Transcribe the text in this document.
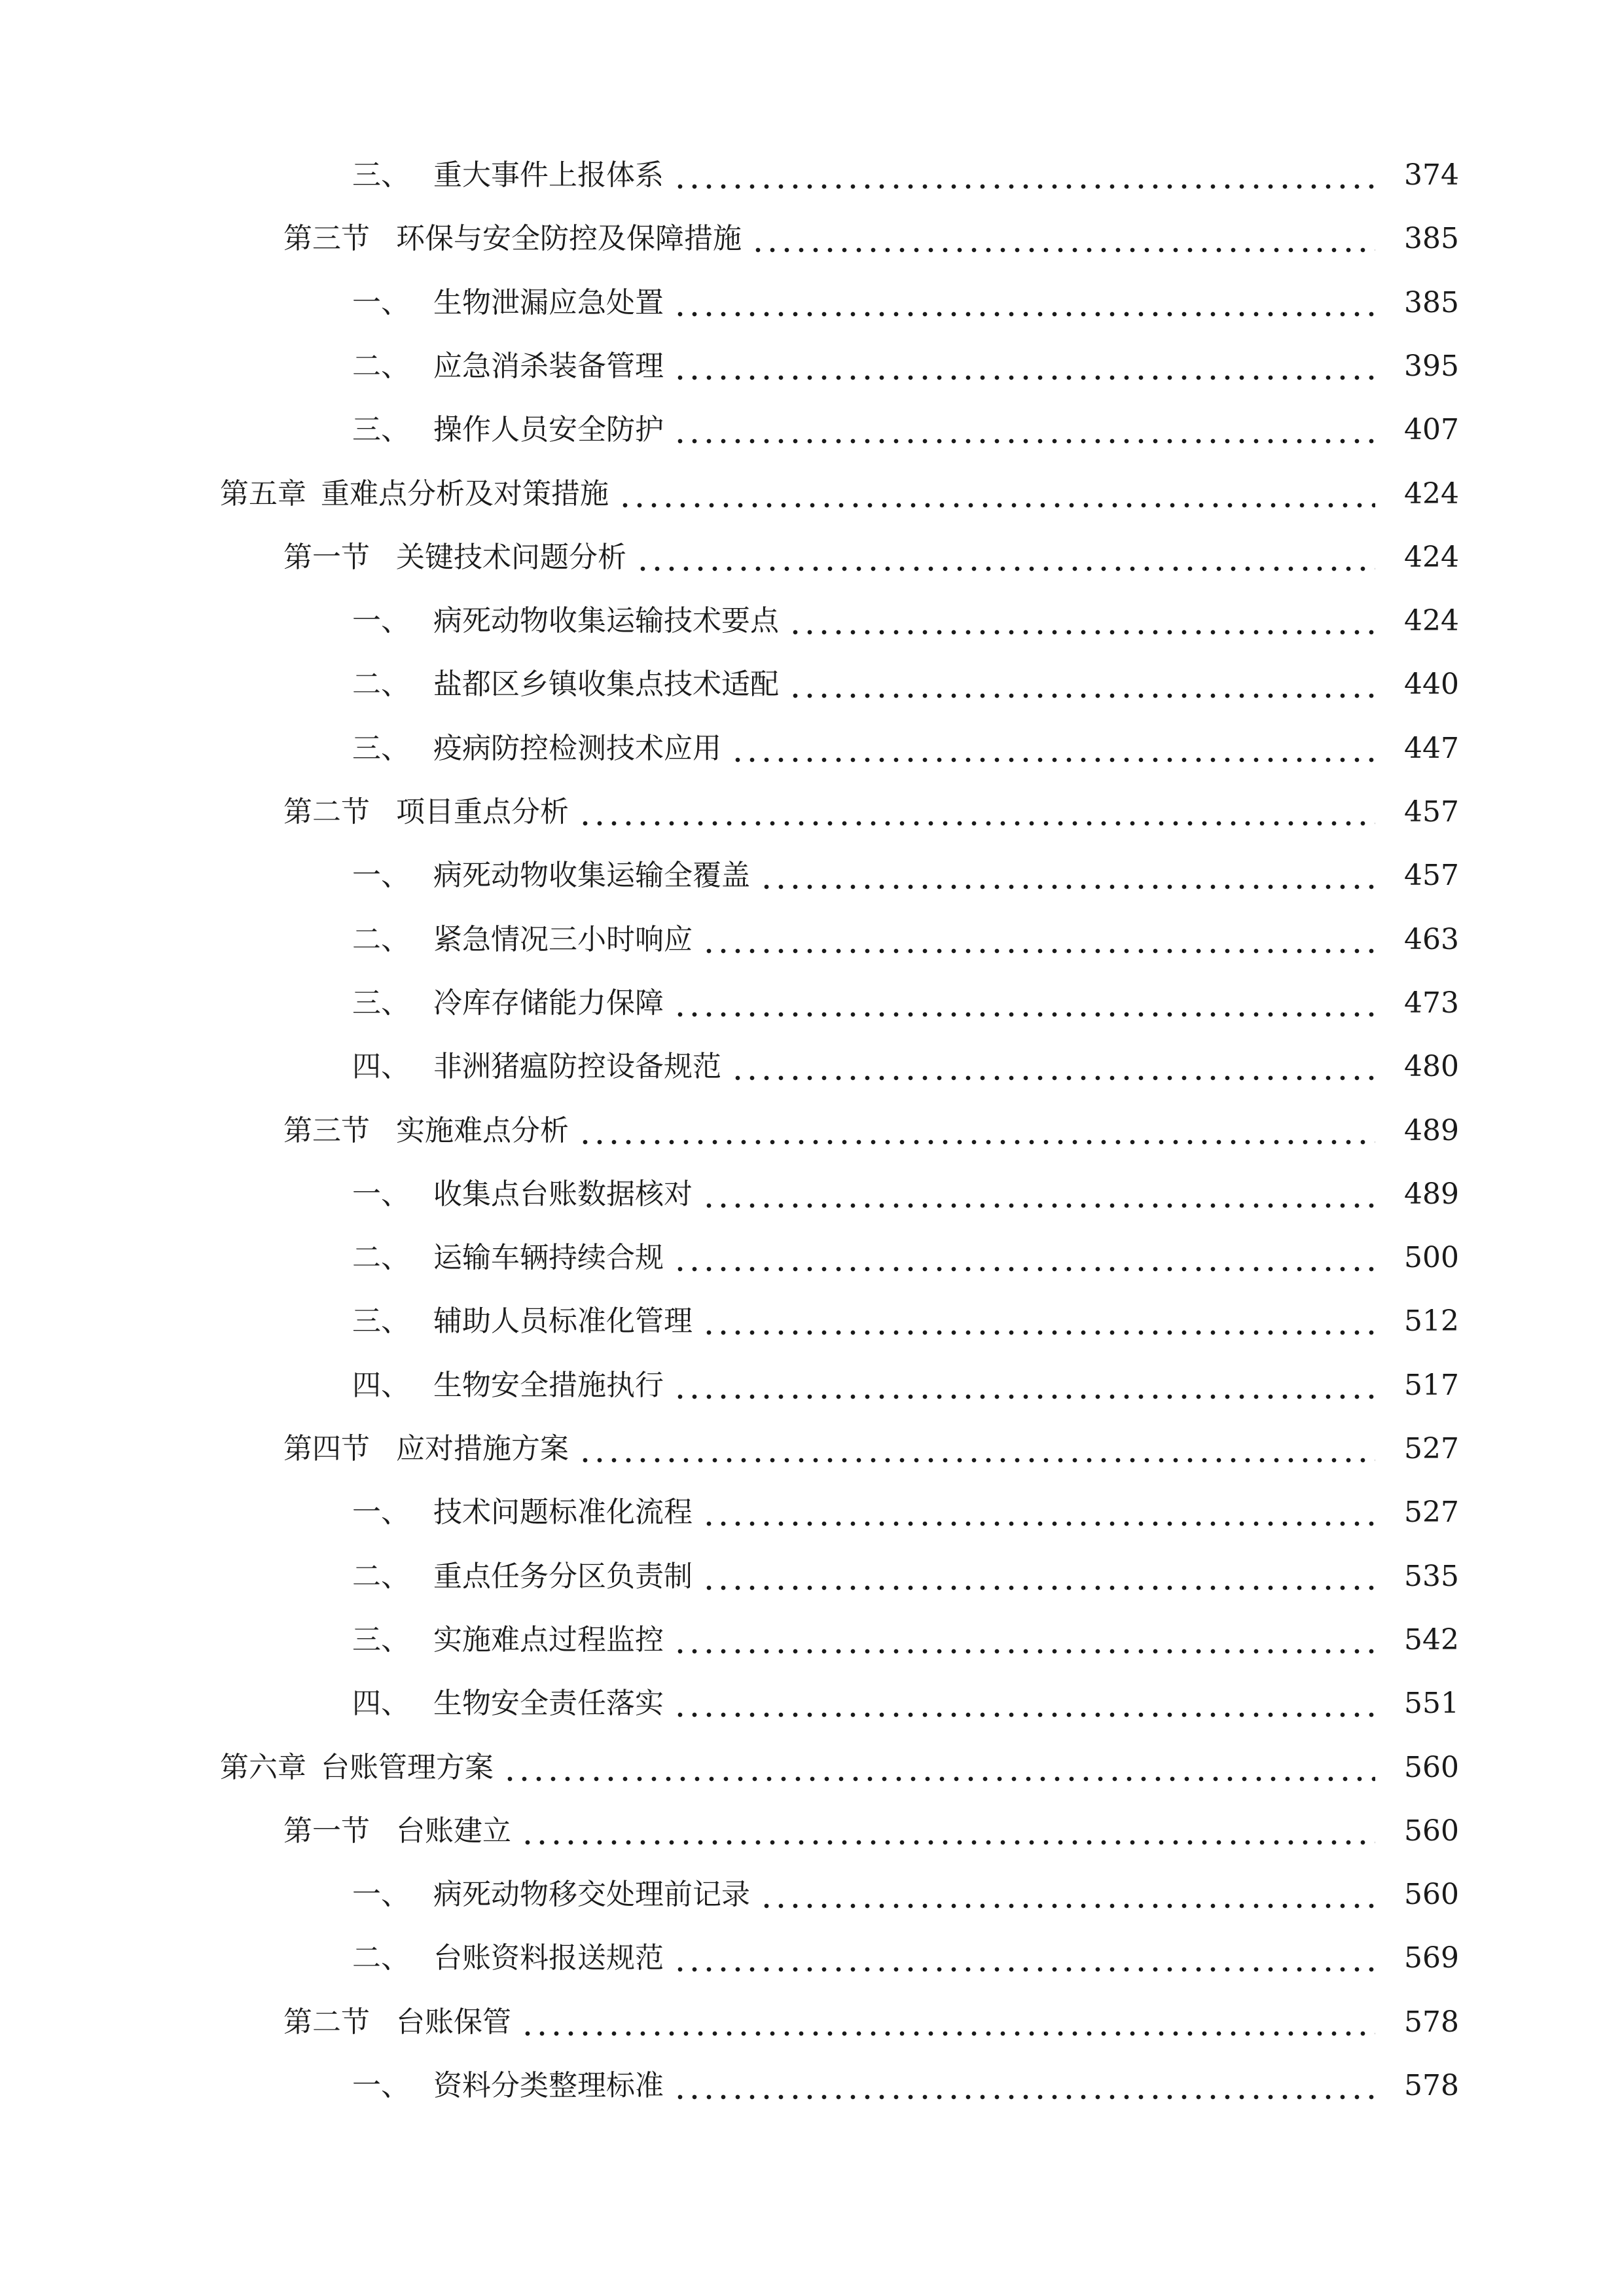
三、 重大事件上报体系	374
第三节 环保与安全防控及保障措施	385
一、 生物泄漏应急处置	385
二、 应急消杀装备管理	395
三、 操作人员安全防护	407
第五章 重难点分析及对策措施	424
第一节 关键技术问题分析	424
一、 病死动物收集运输技术要点	424
二、 盐都区乡镇收集点技术适配	440
三、 疫病防控检测技术应用	447
第二节 项目重点分析	457
一、 病死动物收集运输全覆盖	457
二、 紧急情况三小时响应	463
三、 冷库存储能力保障	473
四、 非洲猪瘟防控设备规范	480
第三节 实施难点分析	489
一、 收集点台账数据核对	489
二、 运输车辆持续合规	500
三、 辅助人员标准化管理	512
四、 生物安全措施执行	517
第四节 应对措施方案	527
一、 技术问题标准化流程	527
二、 重点任务分区负责制	535
三、 实施难点过程监控	542
四、 生物安全责任落实	551
第六章 台账管理方案	560
第一节 台账建立	560
一、 病死动物移交处理前记录	560
二、 台账资料报送规范	569
第二节 台账保管	578
一、 资料分类整理标准	578
